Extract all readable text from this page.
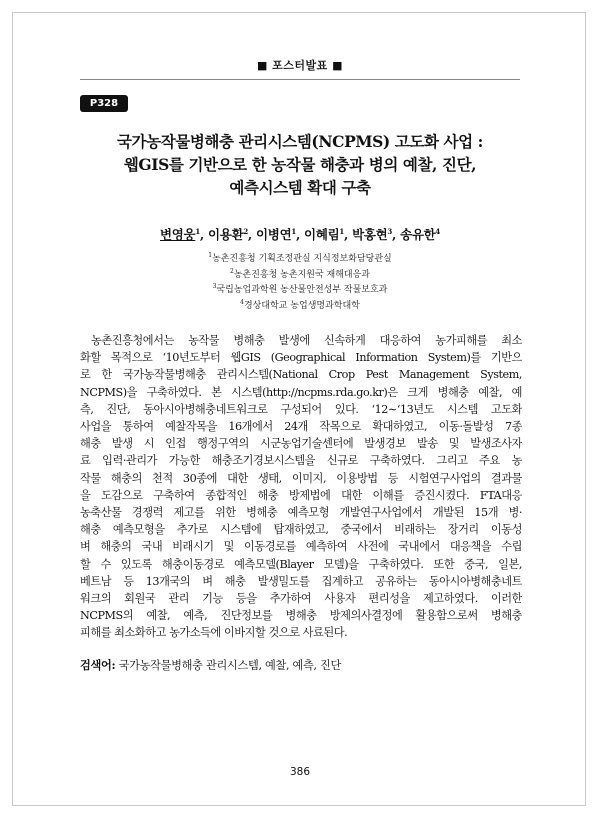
■ 포스터발표 ■
P328
국가농작물병해충 관리시스템(NCPMS) 고도화 사업 :
웹GIS를 기반으로 한 농작물 해충과 병의 예찰, 진단,
예측시스템 확대 구축
변영웅$^1$, 이용환$^2$, 이병연$^1$, 이혜림$^1$, 박홍현$^3$, 송유한$^4$
$^1$농촌진흥청 기획조정관실 지식정보화담당관실
$^2$농촌진흥청 농촌지원국 재해대응과
$^3$국립농업과학원 농산물안전성부 작물보호과
$^4$경상대학교 농업생명과학대학
농촌진흥청에서는 농작물 병해충 발생에 신속하게 대응하여 농가피해를 최소
화할 목적으로 ‘10년도부터 웹GIS (Geographical Information System)를 기반으
로 한 국가농작물병해충 관리시스템(National Crop Pest Management System,
NCPMS)을 구축하였다. 본 시스템(http://ncpms.rda.go.kr)은 크게 병해충 예찰, 예
측, 진단, 동아시아병해충네트워크로 구성되어 있다. ‘12∼‘13년도 시스템 고도화
사업을 통하여 예찰작목을 16개에서 24개 작목으로 확대하였고, 이동·돌발성 7종
해충 발생 시 인접 행정구역의 시군농업기술센터에 발생경보 발송 및 발생조사자
료 입력·관리가 가능한 해충조기경보시스템을 신규로 구축하였다. 그리고 주요 농
작물 해충의 천적 30종에 대한 생태, 이미지, 이용방법 등 시험연구사업의 결과물
을 도감으로 구축하여 종합적인 해충 방제법에 대한 이해를 증진시켰다. FTA대응
농축산물 경쟁력 제고를 위한 병해충 예측모형 개발연구사업에서 개발된 15개 병·
해충 예측모형을 추가로 시스템에 탑재하였고, 중국에서 비래하는 장거리 이동성
벼 해충의 국내 비래시기 및 이동경로를 예측하여 사전에 국내에서 대응책을 수립
할 수 있도록 해충이동경로 예측모델(Blayer 모델)을 구축하였다. 또한 중국, 일본,
베트남 등 13개국의 벼 해충 발생밀도를 집계하고 공유하는 동아시아병해충네트
워크의 회원국 관리 기능 등을 추가하여 사용자 편리성을 제고하였다. 이러한
NCPMS의 예찰, 예측, 진단정보를 병해충 방제의사결정에 활용함으로써 병해충
피해를 최소화하고 농가소득에 이바지할 것으로 사료된다.
검색어: 국가농작물병해충 관리시스템, 예찰, 예측, 진단
386
